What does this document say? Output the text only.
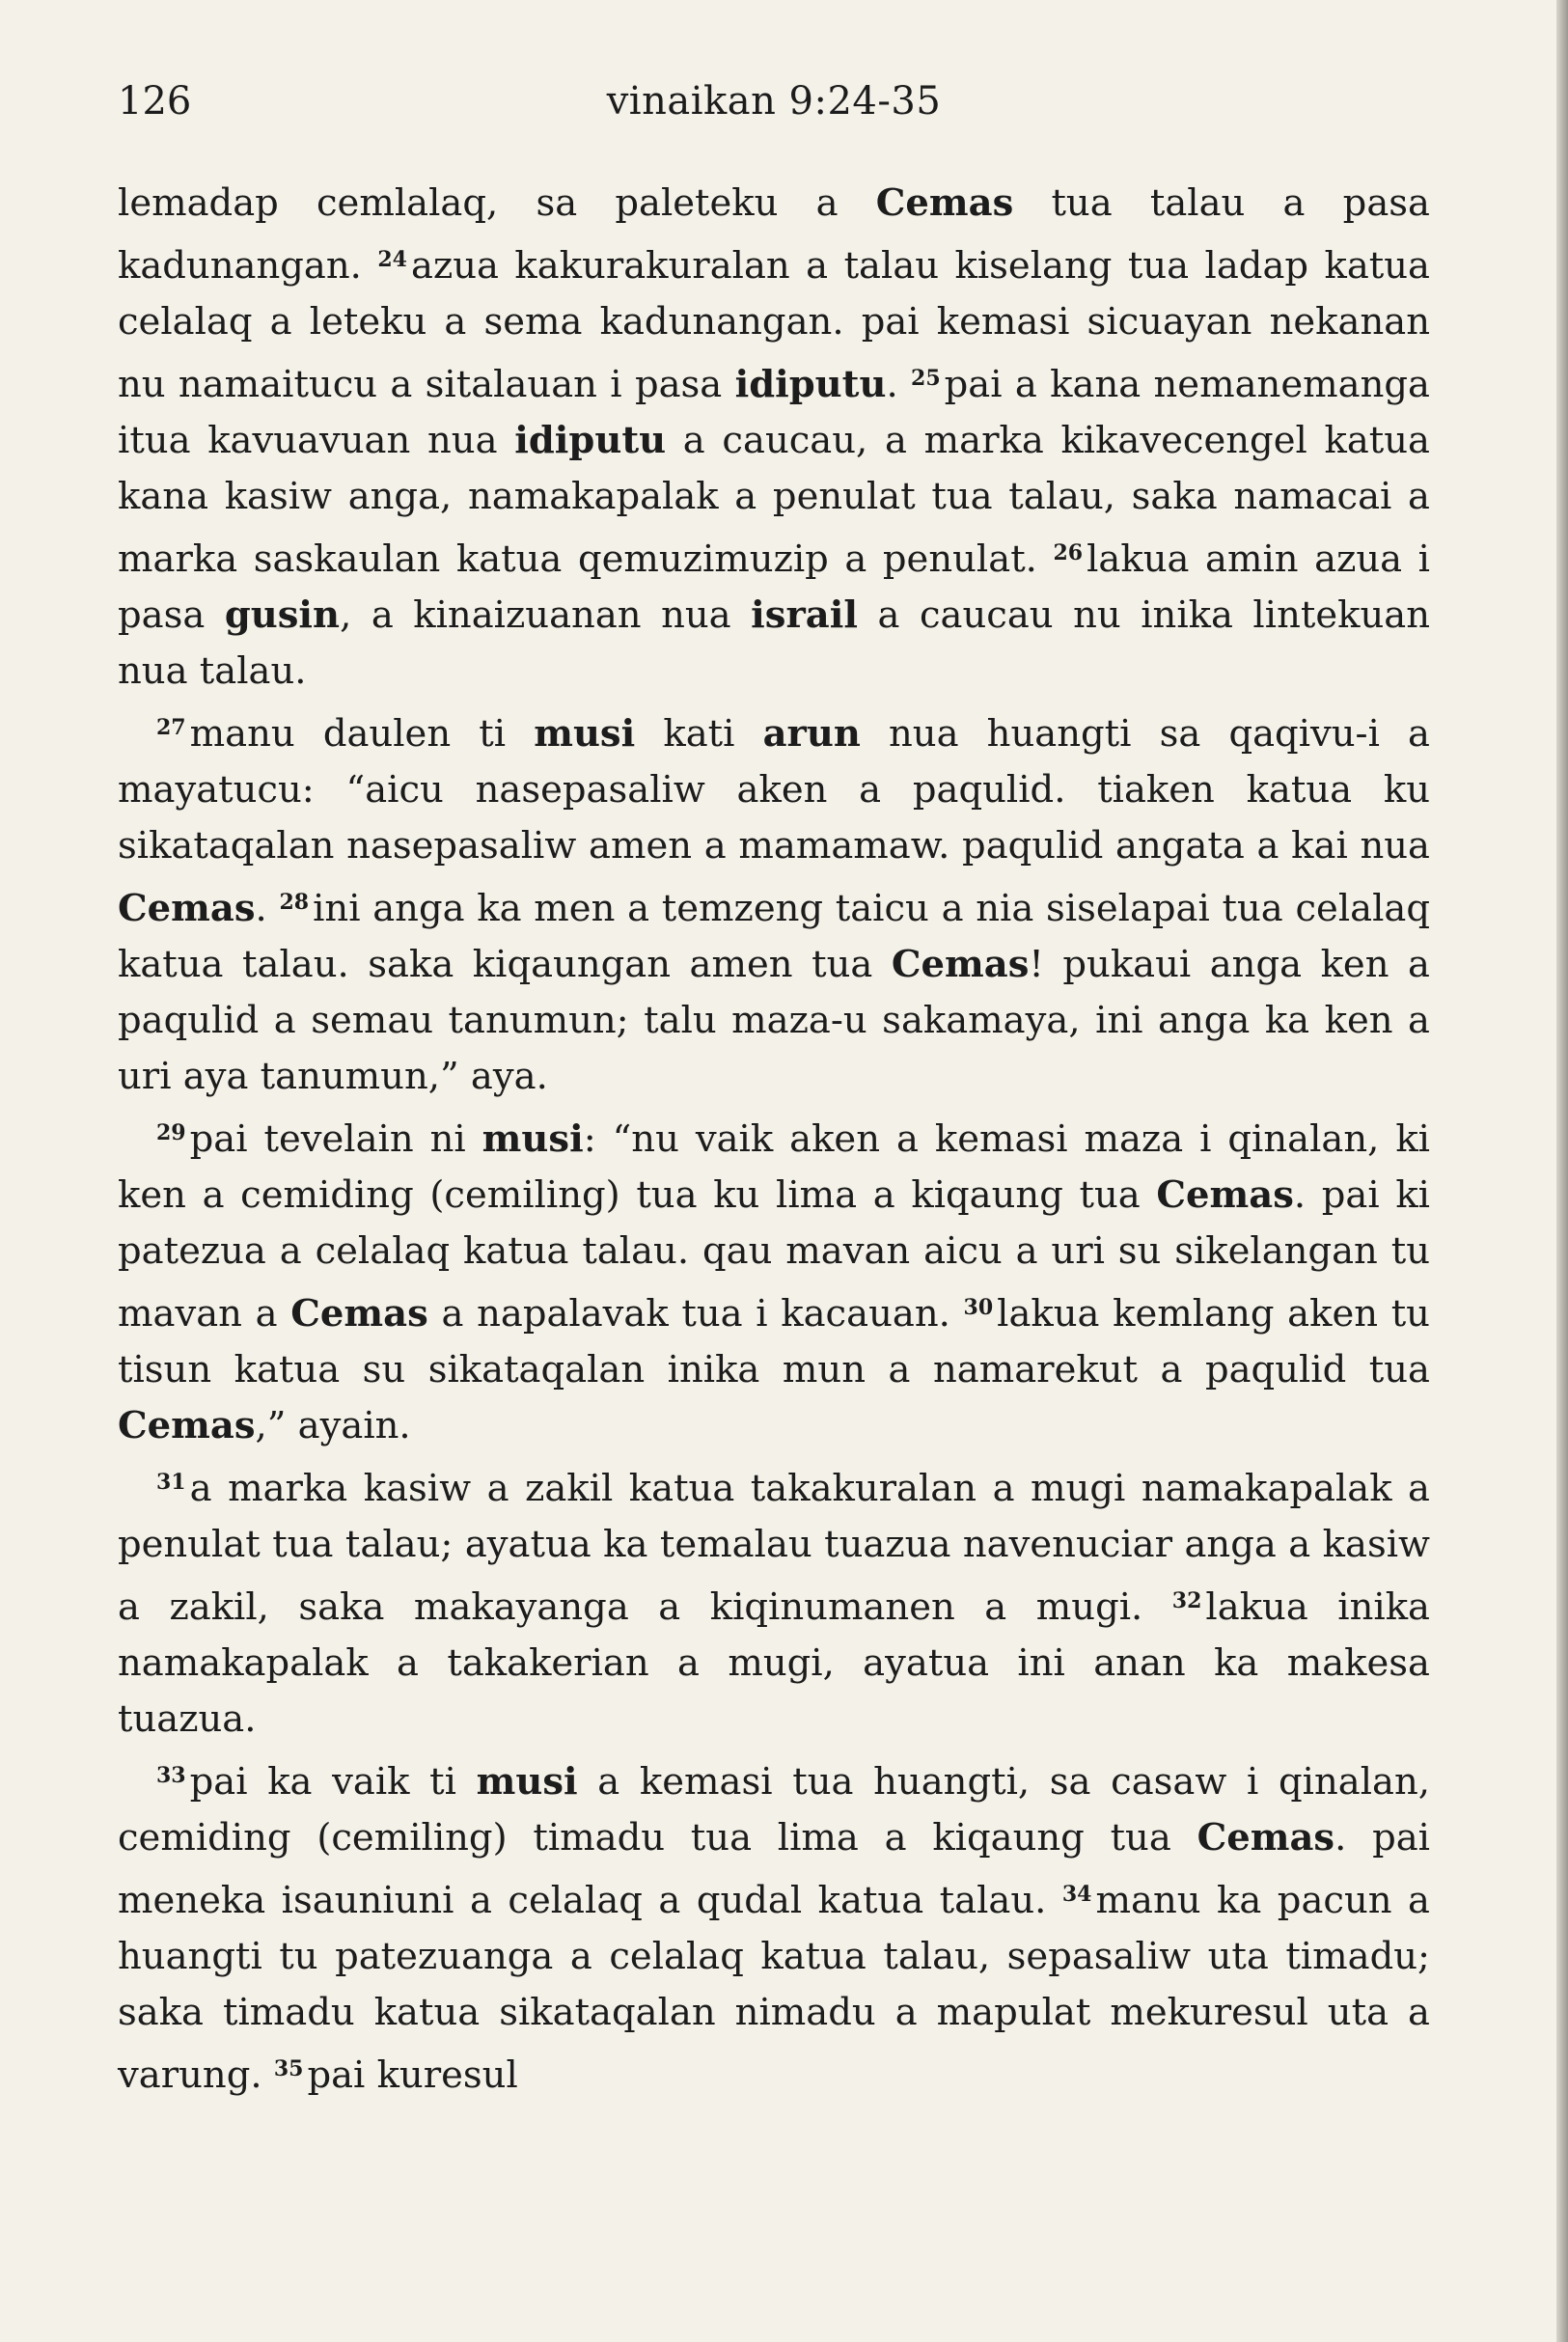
126	vinaikan 9:24-35

lemadap cemlalaq, sa paleteku a Cemas tua talau a pasa kadunangan. $^{24}$ azua kakurakuralan a talau kiselang tua ladap katua celalaq a leteku a sema kadunangan. pai kemasi sicuayan nekanan nu namaitucu a sitalauan i pasa idiputu. $^{25}$ pai a kana nemanemanga itua kavuavuan nua idiputu a caucau, a marka kikavecengel katua kana kasiw anga, namakapalak a penulat tua talau, saka namacai a marka saskaulan katua qemuzimuzip a penulat. $^{26}$ lakua amin azua i pasa gusin, a kinaizuanan nua israil a caucau nu inika lintekuan nua talau.

$^{27}$ manu daulen ti musi kati arun nua huangti sa qaqivu-i a mayatucu: “aicu nasepasaliw aken a paqulid. tiaken katua ku sikataqalan nasepasaliw amen a mamamaw. paqulid angata a kai nua Cemas. $^{28}$ ini anga ka men a temzeng taicu a nia siselapai tua celalaq katua talau. saka kiqaungan amen tua Cemas! pukaui anga ken a paqulid a semau tanumun; talu maza-u sakamaya, ini anga ka ken a uri aya tanumun,” aya.

$^{29}$ pai tevelain ni musi: “nu vaik aken a kemasi maza i qinalan, ki ken a cemiding (cemiling) tua ku lima a kiqaung tua Cemas. pai ki patezua a celalaq katua talau. qau mavan aicu a uri su sikelangan tu mavan a Cemas a napalavak tua i kacauan. $^{30}$ lakua kemlang aken tu tisun katua su sikataqalan inika mun a namarekut a paqulid tua Cemas,” ayain.

$^{31}$ a marka kasiw a zakil katua takakuralan a mugi namakapalak a penulat tua talau; ayatua ka temalau tuazua navenuciar anga a kasiw a zakil, saka makayanga a kiqinumanen a mugi. $^{32}$ lakua inika namakapalak a takakerian a mugi, ayatua ini anan ka makesa tuazua.

$^{33}$ pai ka vaik ti musi a kemasi tua huangti, sa casaw i qinalan, cemiding (cemiling) timadu tua lima a kiqaung tua Cemas. pai meneka isauniuni a celalaq a qudal katua talau. $^{34}$ manu ka pacun a huangti tu patezuanga a celalaq katua talau, sepasaliw uta timadu; saka timadu katua sikataqalan nimadu a mapulat mekuresul uta a varung. $^{35}$ pai kuresul
